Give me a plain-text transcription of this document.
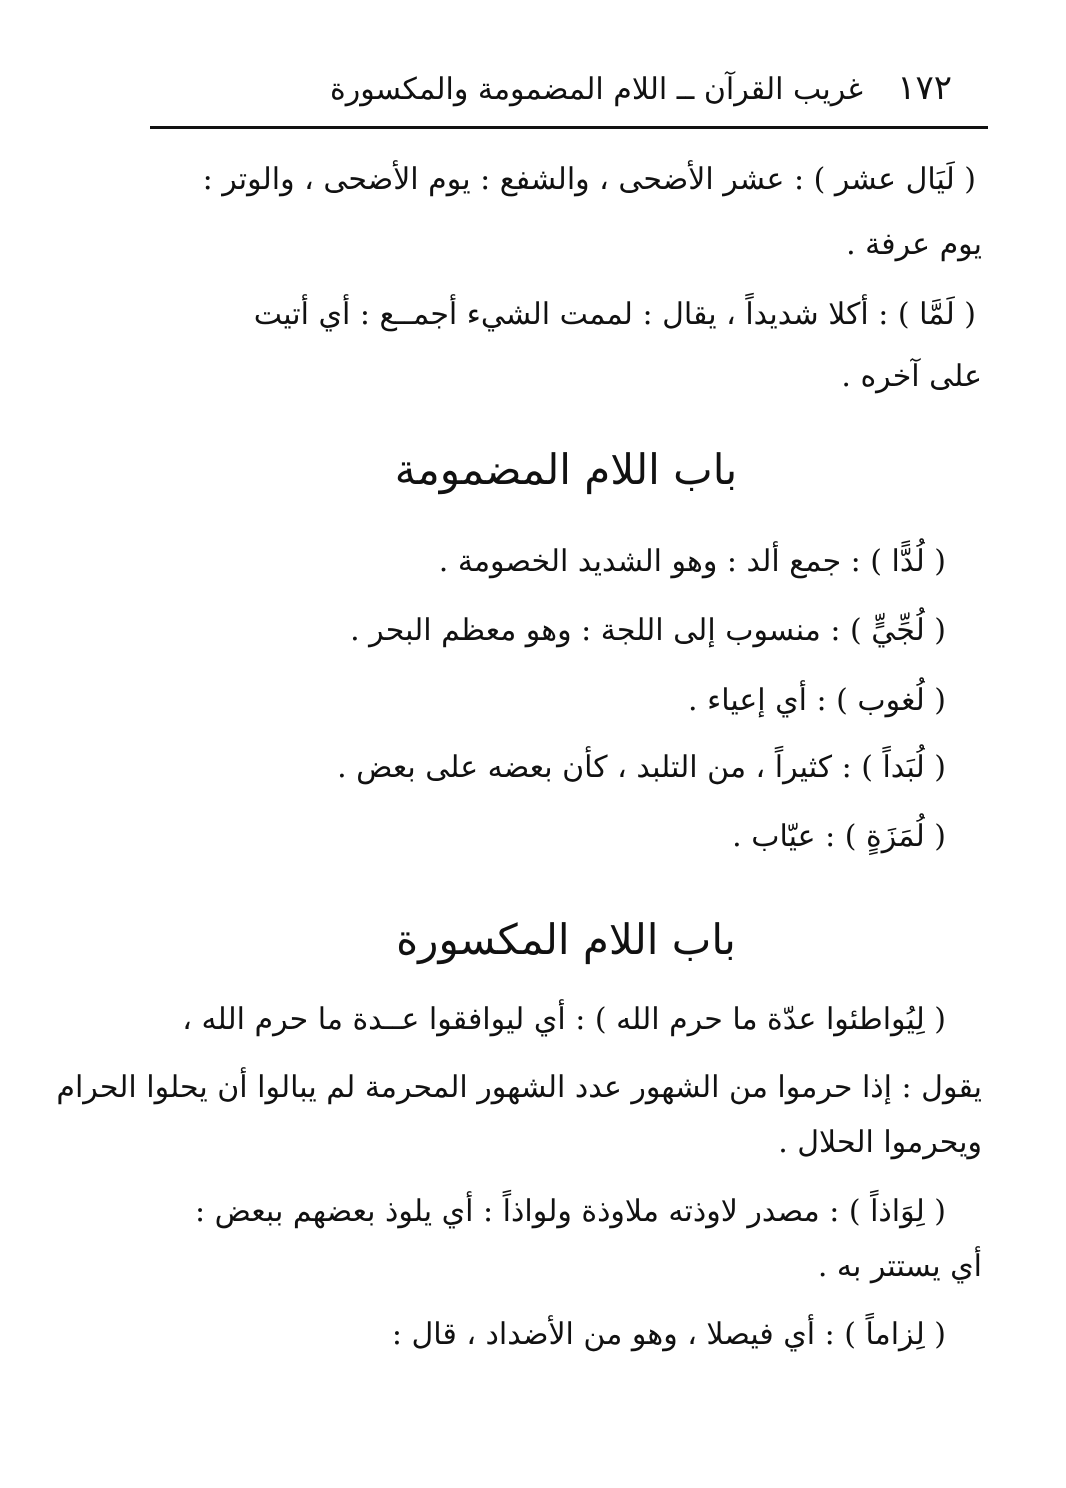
١٧٢
غريب القرآن ــ اللام المضمومة والمكسورة
( لَيَال عشر ) : عشر الأضحى ، والشفع : يوم الأضحى ، والوتر :
يوم عرفة .
( لَمَّا ) : أكلا شديداً ، يقال : لممت الشيء أجمــع : أي أتيت
على آخره .
باب اللام المضمومة
( لُدًّا ) : جمع ألد : وهو الشديد الخصومة .
( لُجِّيٍّ ) : منسوب إلى اللجة : وهو معظم البحر .
( لُغوب ) : أي إعياء .
( لُبَداً ) : كثيراً ، من التلبد ، كأن بعضه على بعض .
( لُمَزَةٍ ) : عيّاب .
باب اللام المكسورة
( لِيُواطئوا عدّة ما حرم الله ) : أي ليوافقوا عــدة ما حرم الله ،
يقول : إذا حرموا من الشهور عدد الشهور المحرمة لم يبالوا أن يحلوا الحرام
ويحرموا الحلال .
( لِوَاذاً ) : مصدر لاوذته ملاوذة ولواذاً : أي يلوذ بعضهم ببعض :
أي يستتر به .
( لِزاماً ) : أي فيصلا ، وهو من الأضداد ، قال :
